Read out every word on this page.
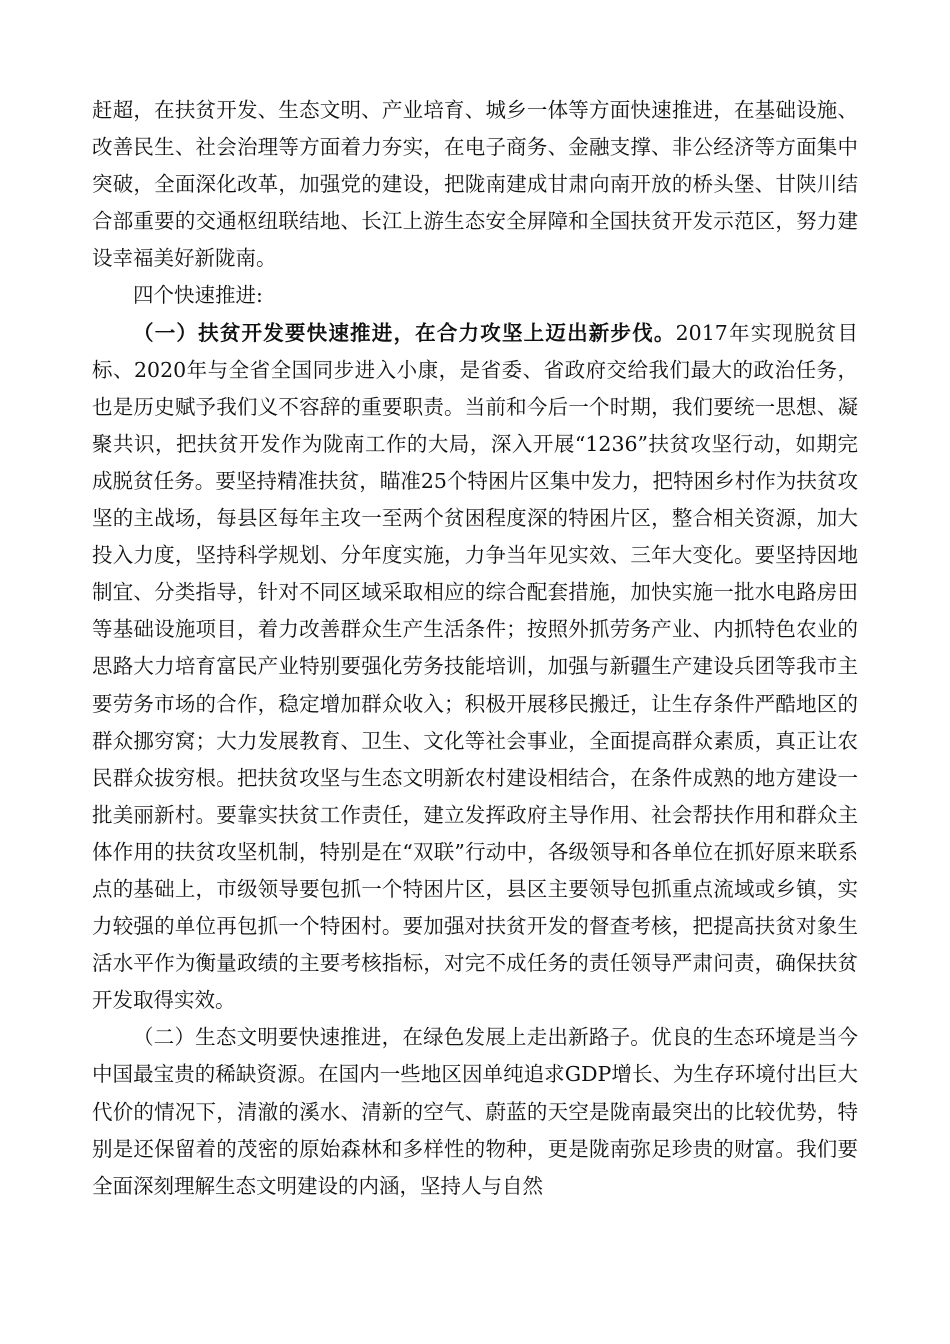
赶超，在扶贫开发、生态文明、产业培育、城乡一体等方面快速推进，在基础设施、改善民生、社会治理等方面着力夯实，在电子商务、金融支撑、非公经济等方面集中突破，全面深化改革，加强党的建设，把陇南建成甘肃向南开放的桥头堡、甘陕川结合部重要的交通枢纽联结地、长江上游生态安全屏障和全国扶贫开发示范区，努力建设幸福美好新陇南。

四个快速推进:

（一）扶贫开发要快速推进，在合力攻坚上迈出新步伐。2017年实现脱贫目标、2020年与全省全国同步进入小康，是省委、省政府交给我们最大的政治任务，也是历史赋予我们义不容辞的重要职责。当前和今后一个时期，我们要统一思想、凝聚共识，把扶贫开发作为陇南工作的大局，深入开展“1236”扶贫攻坚行动，如期完成脱贫任务。要坚持精准扶贫，瞄准25个特困片区集中发力，把特困乡村作为扶贫攻坚的主战场，每县区每年主攻一至两个贫困程度深的特困片区，整合相关资源，加大投入力度，坚持科学规划、分年度实施，力争当年见实效、三年大变化。要坚持因地制宜、分类指导，针对不同区域采取相应的综合配套措施，加快实施一批水电路房田等基础设施项目，着力改善群众生产生活条件；按照外抓劳务产业、内抓特色农业的思路大力培育富民产业特别要强化劳务技能培训，加强与新疆生产建设兵团等我市主要劳务市场的合作，稳定增加群众收入；积极开展移民搬迁，让生存条件严酷地区的群众挪穷窝；大力发展教育、卫生、文化等社会事业，全面提高群众素质，真正让农民群众拔穷根。把扶贫攻坚与生态文明新农村建设相结合，在条件成熟的地方建设一批美丽新村。要靠实扶贫工作责任，建立发挥政府主导作用、社会帮扶作用和群众主体作用的扶贫攻坚机制，特别是在“双联”行动中，各级领导和各单位在抓好原来联系点的基础上，市级领导要包抓一个特困片区，县区主要领导包抓重点流域或乡镇，实力较强的单位再包抓一个特困村。要加强对扶贫开发的督查考核，把提高扶贫对象生活水平作为衡量政绩的主要考核指标，对完不成任务的责任领导严肃问责，确保扶贫开发取得实效。

（二）生态文明要快速推进，在绿色发展上走出新路子。优良的生态环境是当今中国最宝贵的稀缺资源。在国内一些地区因单纯追求GDP增长、为生存环境付出巨大代价的情况下，清澈的溪水、清新的空气、蔚蓝的天空是陇南最突出的比较优势，特别是还保留着的茂密的原始森林和多样性的物种，更是陇南弥足珍贵的财富。我们要全面深刻理解生态文明建设的内涵，坚持人与自然
